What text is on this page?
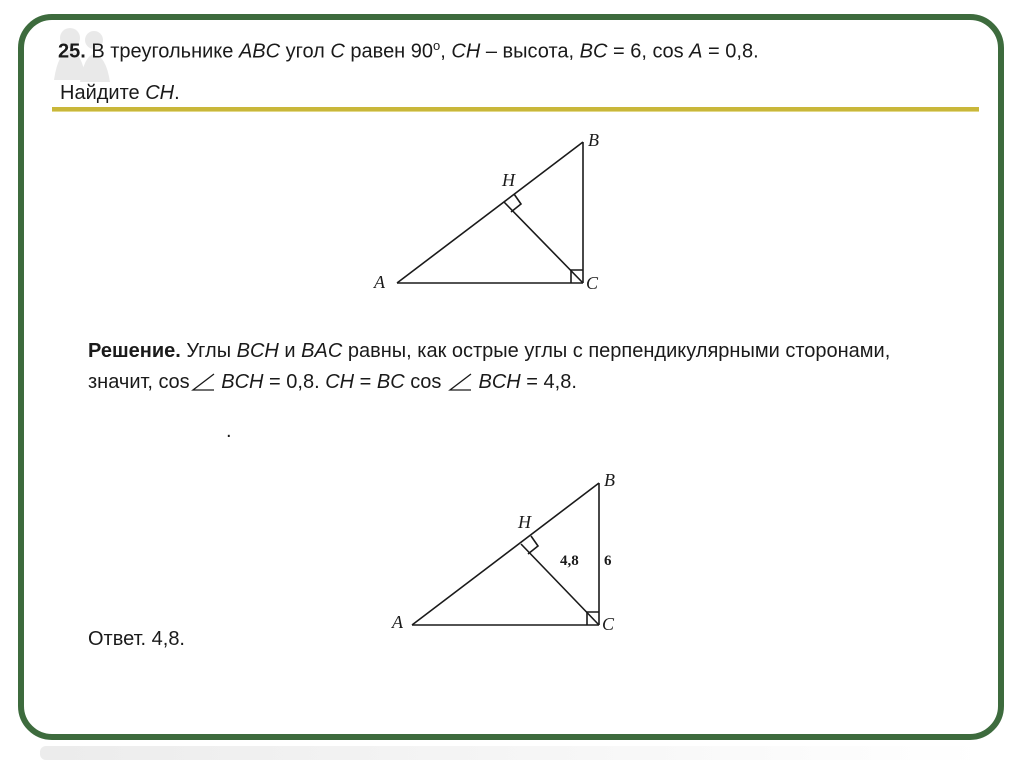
25. В треугольнике ABC угол C равен 90$^o$, CH – высота, BC = 6, cos A = 0,8.
Найдите CH.
A
B
C
H
Решение. Углы BCH и BAC равны, как острые углы с перпендикулярными сторонами, значит, cos BCH = 0,8. CH = BC cos  BCH = 4,8.
.
A
B
C
H
4,8 6
Ответ. 4,8.
